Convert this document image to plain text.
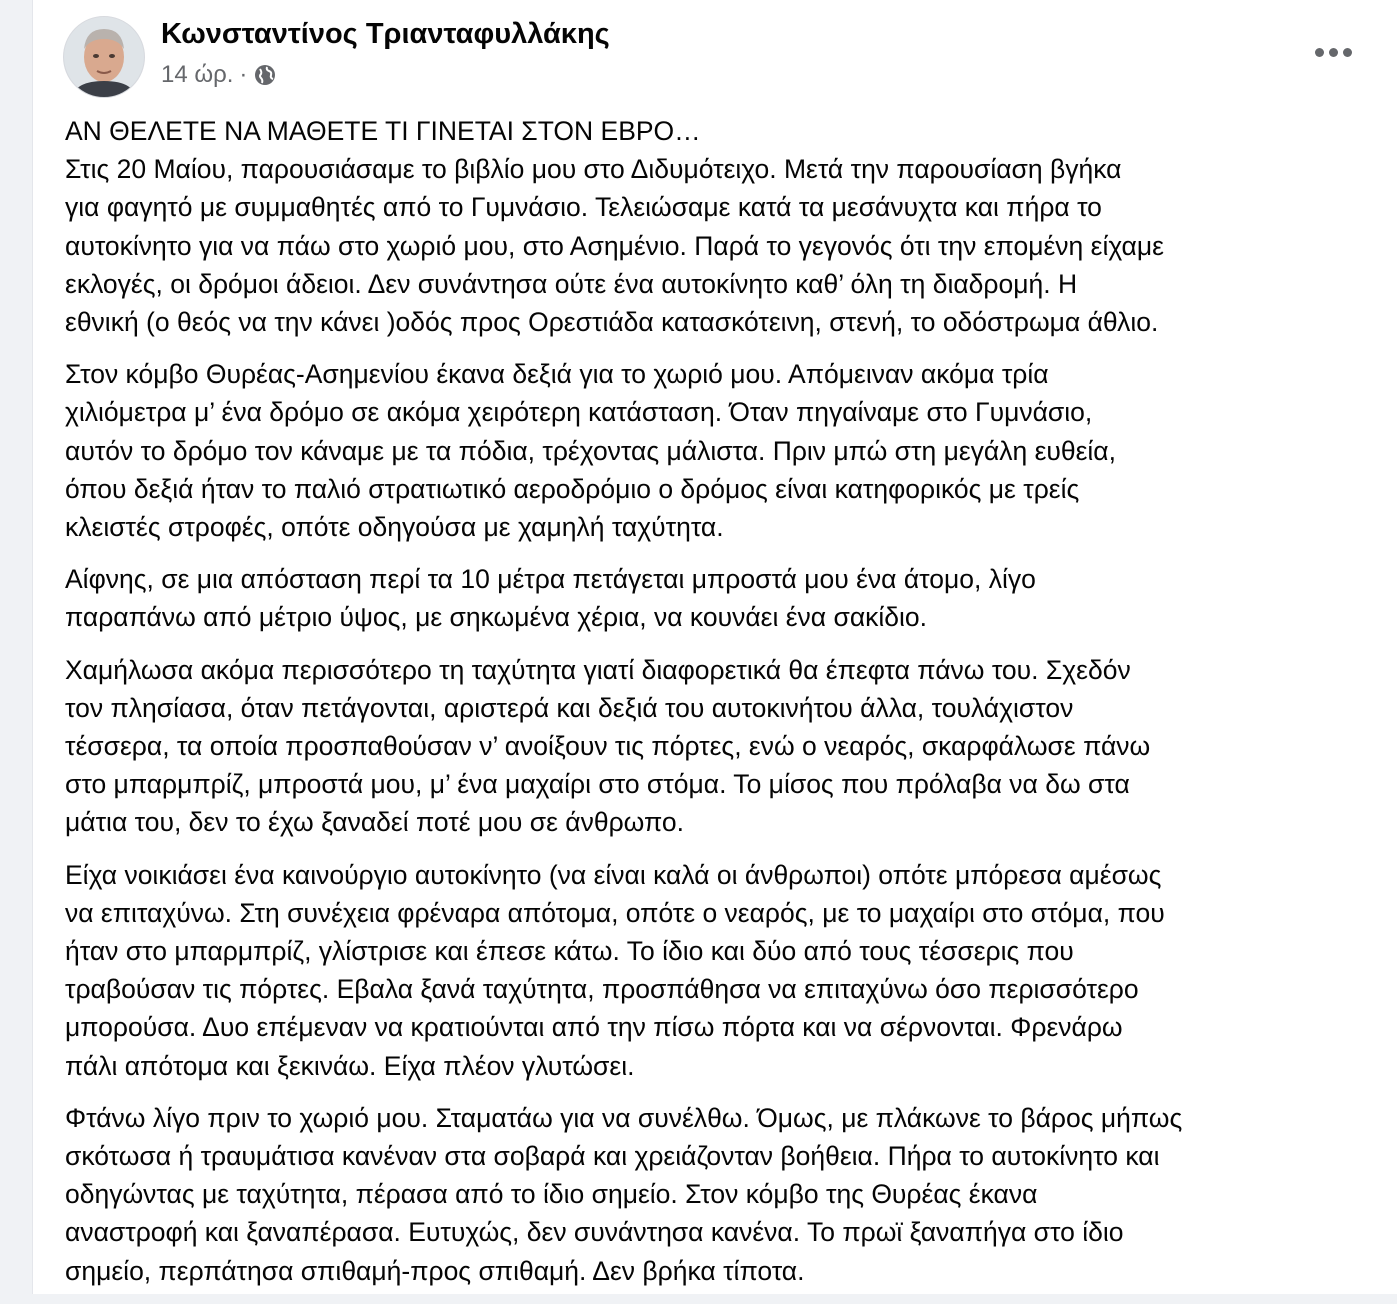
Κωνσταντίνος Τριανταφυλλάκης
14 ώρ. ·

ΑΝ ΘΕΛΕΤΕ ΝΑ ΜΑΘΕΤΕ ΤΙ ΓΙΝΕΤΑΙ ΣΤΟΝ ΕΒΡΟ…
Στις 20 Μαίου, παρουσιάσαμε το βιβλίο μου στο Διδυμότειχο. Μετά την παρουσίαση βγήκα
για φαγητό με συμμαθητές από το Γυμνάσιο. Τελειώσαμε κατά τα μεσάνυχτα και πήρα το
αυτοκίνητο για να πάω στο χωριό μου, στο Ασημένιο. Παρά το γεγονός ότι την επομένη είχαμε
εκλογές, οι δρόμοι άδειοι. Δεν συνάντησα ούτε ένα αυτοκίνητο καθ’ όλη τη διαδρομή. Η
εθνική (ο θεός να την κάνει )οδός προς Ορεστιάδα κατασκότεινη, στενή, το οδόστρωμα άθλιο.

Στον κόμβο Θυρέας-Ασημενίου έκανα δεξιά για το χωριό μου. Απόμειναν ακόμα τρία
χιλιόμετρα μ’ ένα δρόμο σε ακόμα χειρότερη κατάσταση. Όταν πηγαίναμε στο Γυμνάσιο,
αυτόν το δρόμο τον κάναμε με τα πόδια, τρέχοντας μάλιστα. Πριν μπώ στη μεγάλη ευθεία,
όπου δεξιά ήταν το παλιό στρατιωτικό αεροδρόμιο ο δρόμος είναι κατηφορικός με τρείς
κλειστές στροφές, οπότε οδηγούσα με χαμηλή ταχύτητα.

Αίφνης, σε μια απόσταση περί τα 10 μέτρα πετάγεται μπροστά μου ένα άτομο, λίγο
παραπάνω από μέτριο ύψος, με σηκωμένα χέρια, να κουνάει ένα σακίδιο.

Χαμήλωσα ακόμα περισσότερο τη ταχύτητα γιατί διαφορετικά θα έπεφτα πάνω του. Σχεδόν
τον πλησίασα, όταν πετάγονται, αριστερά και δεξιά του αυτοκινήτου άλλα, τουλάχιστον
τέσσερα, τα οποία προσπαθούσαν ν’ ανοίξουν τις πόρτες, ενώ ο νεαρός, σκαρφάλωσε πάνω
στο μπαρμπρίζ, μπροστά μου, μ’ ένα μαχαίρι στο στόμα. Το μίσος που πρόλαβα να δω στα
μάτια του, δεν το έχω ξαναδεί ποτέ μου σε άνθρωπο.

Είχα νοικιάσει ένα καινούργιο αυτοκίνητο (να είναι καλά οι άνθρωποι) οπότε μπόρεσα αμέσως
να επιταχύνω. Στη συνέχεια φρέναρα απότομα, οπότε ο νεαρός, με το μαχαίρι στο στόμα, που
ήταν στο μπαρμπρίζ, γλίστρισε και έπεσε κάτω. Το ίδιο και δύο από τους τέσσερις που
τραβούσαν τις πόρτες. Εβαλα ξανά ταχύτητα, προσπάθησα να επιταχύνω όσο περισσότερο
μπορούσα. Δυο επέμεναν να κρατιούνται από την πίσω πόρτα και να σέρνονται. Φρενάρω
πάλι απότομα και ξεκινάω. Είχα πλέον γλυτώσει.

Φτάνω λίγο πριν το χωριό μου. Σταματάω για να συνέλθω. Όμως, με πλάκωνε το βάρος μήπως
σκότωσα ή τραυμάτισα κανέναν στα σοβαρά και χρειάζονταν βοήθεια. Πήρα το αυτοκίνητο και
οδηγώντας με ταχύτητα, πέρασα από το ίδιο σημείο. Στον κόμβο της Θυρέας έκανα
αναστροφή και ξαναπέρασα. Ευτυχώς, δεν συνάντησα κανένα. Το πρωϊ ξαναπήγα στο ίδιο
σημείο, περπάτησα σπιθαμή-προς σπιθαμή. Δεν βρήκα τίποτα.
